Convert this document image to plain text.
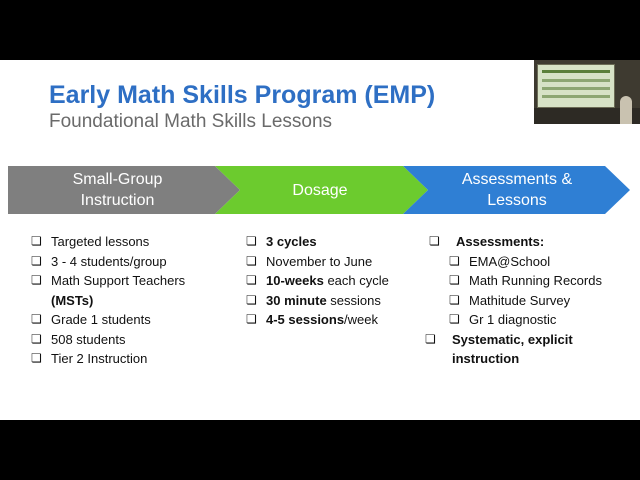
Early Math Skills Program (EMP)
Foundational Math Skills Lessons
Small-Group
Instruction
Dosage
Assessments &
Lessons
❏ Targeted lessons
❏ 3 - 4 students/group
❏ Math Support Teachers
(MSTs)
❏ Grade 1 students
❏ 508 students
❏ Tier 2 Instruction
❏ 3 cycles
❏ November to June
❏ 10-weeks each cycle
❏ 30 minute sessions
❏ 4-5 sessions/week
❏ Assessments:
❏ EMA@School
❏ Math Running Records
❏ Mathitude Survey
❏ Gr 1 diagnostic
❏ Systematic, explicit
instruction
